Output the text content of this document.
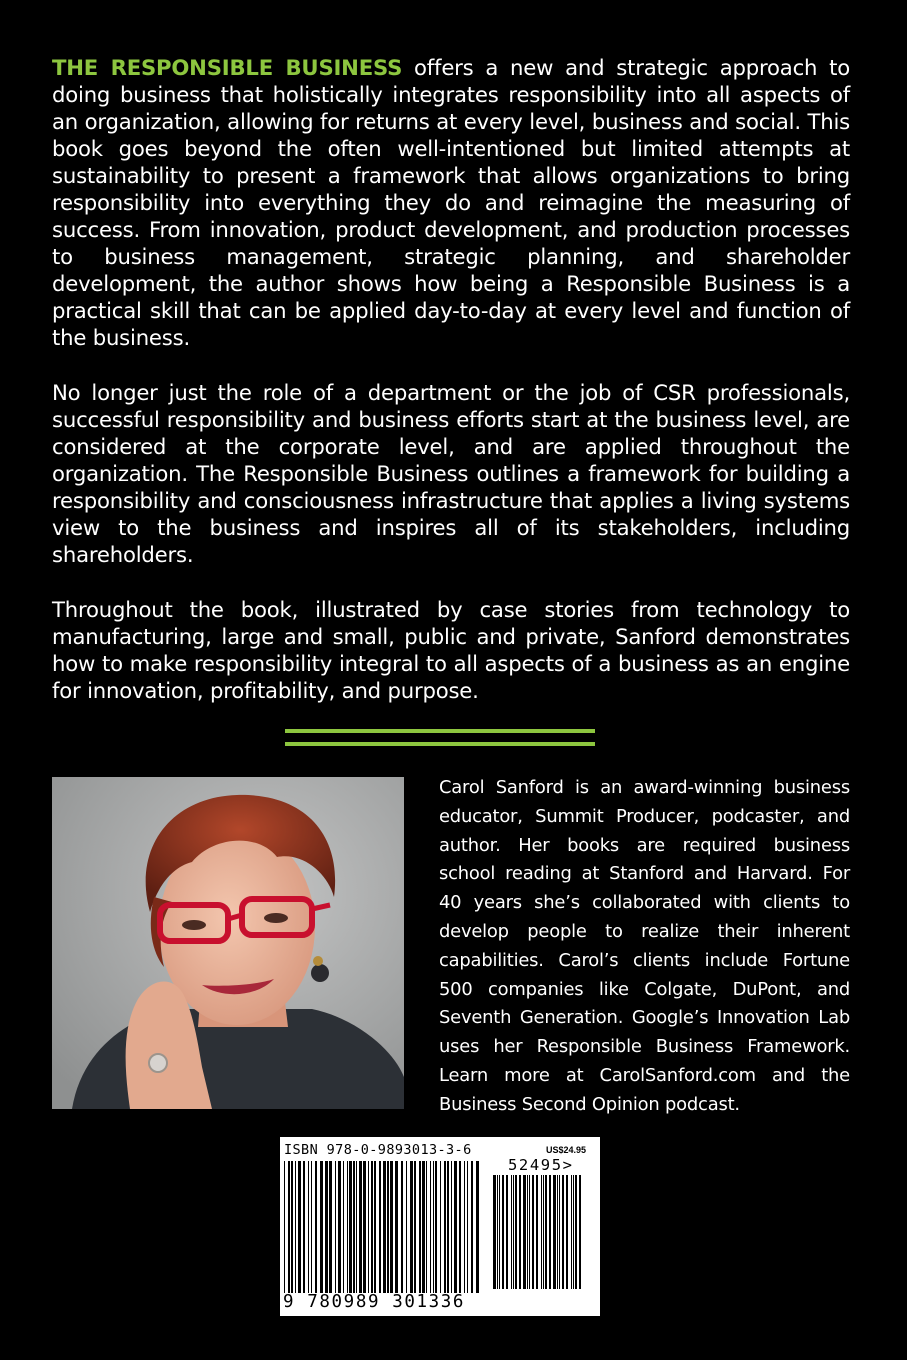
THE RESPONSIBLE BUSINESS offers a new and strategic approach to doing business that holistically integrates responsibility into all aspects of an organization, allowing for returns at every level, business and social. This book goes beyond the often well-intentioned but limited attempts at sustainability to present a framework that allows organizations to bring responsibility into everything they do and reimagine the measuring of success. From innovation, product development, and production processes to business management, strategic planning, and shareholder development, the author shows how being a Responsible Business is a practical skill that can be applied day-to-day at every level and function of the business.

No longer just the role of a department or the job of CSR professionals, successful responsibility and business efforts start at the business level, are considered at the corporate level, and are applied throughout the organization. The Responsible Business outlines a framework for building a responsibility and consciousness infrastructure that applies a living systems view to the business and inspires all of its stakeholders, including shareholders.

Throughout the book, illustrated by case stories from technology to manufacturing, large and small, public and private, Sanford demonstrates how to make responsibility integral to all aspects of a business as an engine for innovation, profitability, and purpose.

Carol Sanford is an award-winning business educator, Summit Producer, podcaster, and author. Her books are required business school reading at Stanford and Harvard. For 40 years she’s collaborated with clients to develop people to realize their inherent capabilities. Carol’s clients include Fortune 500 companies like Colgate, DuPont, and Seventh Generation. Google’s Innovation Lab uses her Responsible Business Framework. Learn more at CarolSanford.com and the Business Second Opinion podcast.

ISBN 978-0-9893013-3-6	US$24.95
52495>
9 780989 301336
